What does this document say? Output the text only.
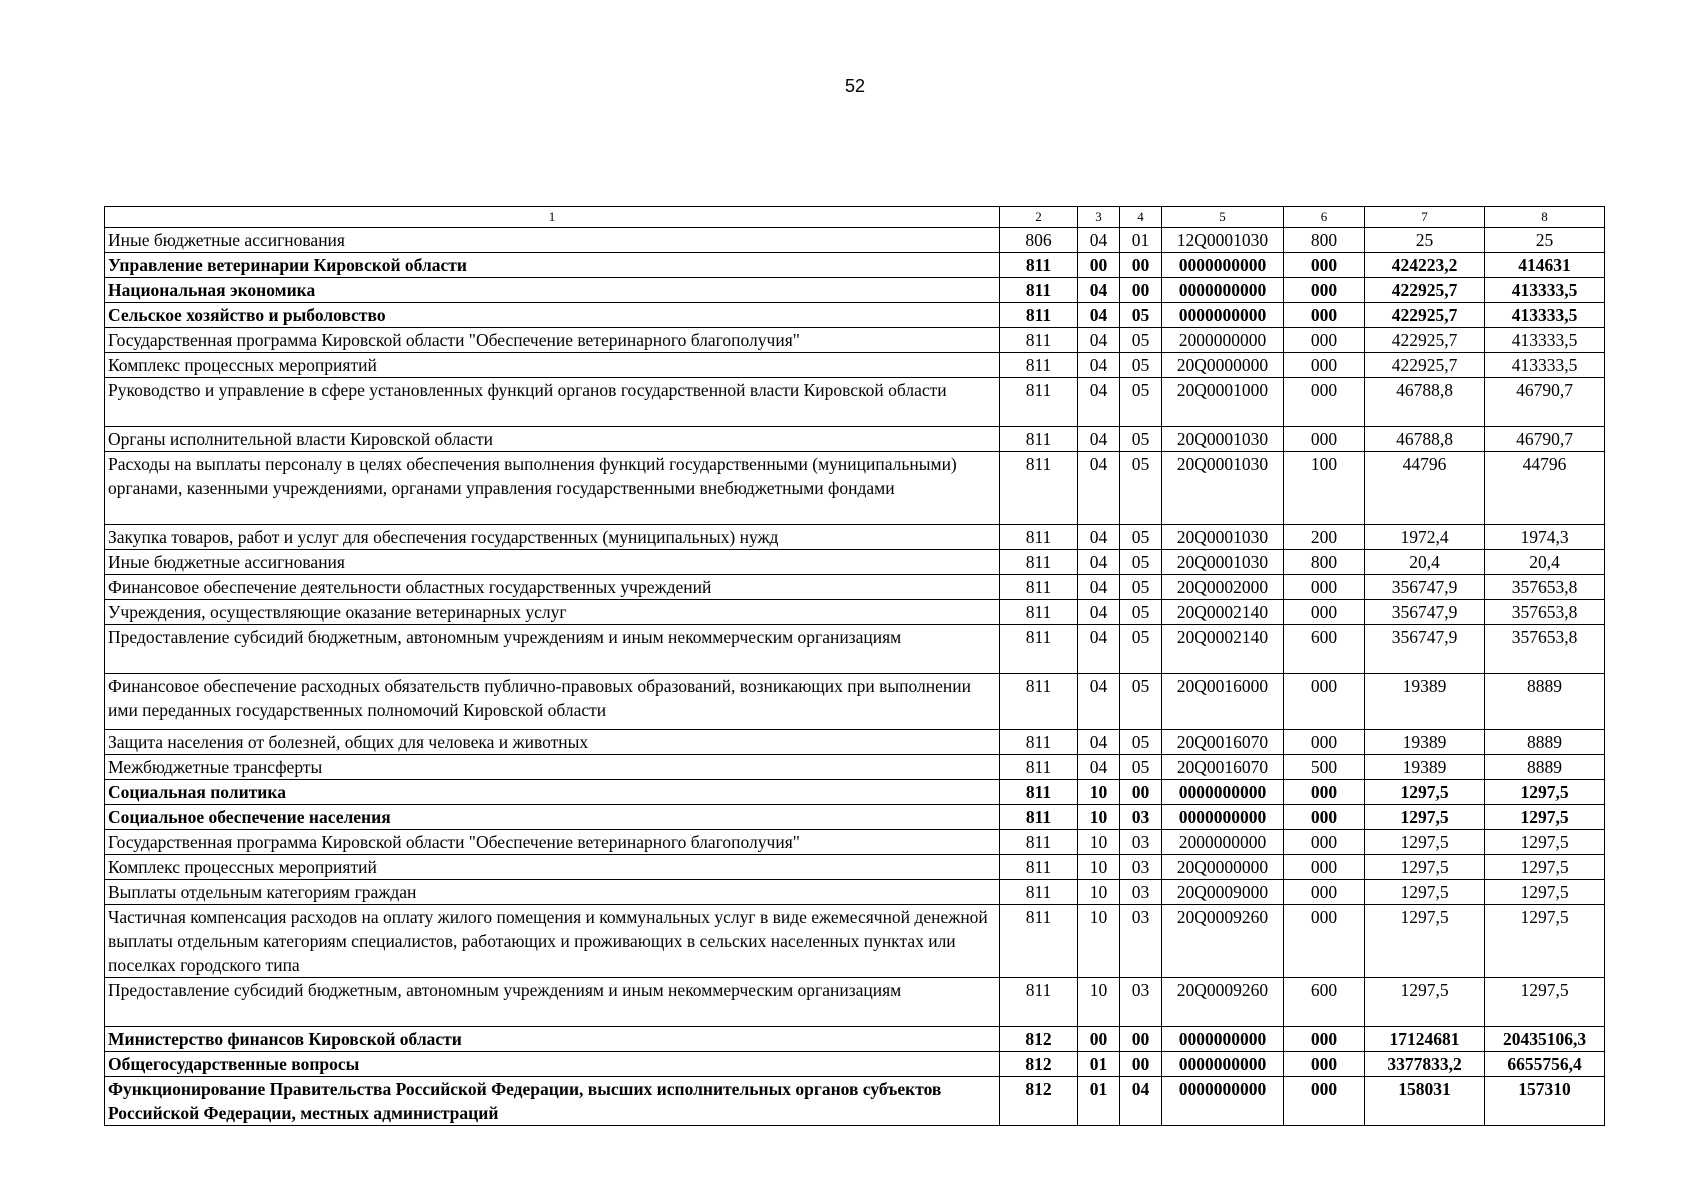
52
1	2	3	4	5	6	7	8
Иные бюджетные ассигнования	806	04	01	12Q0001030	800	25	25
Управление ветеринарии Кировской области	811	00	00	0000000000	000	424223,2	414631
Национальная экономика	811	04	00	0000000000	000	422925,7	413333,5
Сельское хозяйство и рыболовство	811	04	05	0000000000	000	422925,7	413333,5
Государственная программа Кировской области "Обеспечение ветеринарного благополучия"	811	04	05	2000000000	000	422925,7	413333,5
Комплекс процессных мероприятий	811	04	05	20Q0000000	000	422925,7	413333,5
Руководство и управление в сфере установленных функций органов государственной власти Кировской области	811	04	05	20Q0001000	000	46788,8	46790,7
Органы исполнительной власти Кировской области	811	04	05	20Q0001030	000	46788,8	46790,7
Расходы на выплаты персоналу в целях обеспечения выполнения функций государственными (муниципальными) органами, казенными учреждениями, органами управления государственными внебюджетными фондами	811	04	05	20Q0001030	100	44796	44796
Закупка товаров, работ и услуг для обеспечения государственных (муниципальных) нужд	811	04	05	20Q0001030	200	1972,4	1974,3
Иные бюджетные ассигнования	811	04	05	20Q0001030	800	20,4	20,4
Финансовое обеспечение деятельности областных государственных учреждений	811	04	05	20Q0002000	000	356747,9	357653,8
Учреждения, осуществляющие оказание ветеринарных услуг	811	04	05	20Q0002140	000	356747,9	357653,8
Предоставление субсидий бюджетным, автономным учреждениям и иным некоммерческим организациям	811	04	05	20Q0002140	600	356747,9	357653,8
Финансовое обеспечение расходных обязательств публично-правовых образований, возникающих при выполнении ими переданных государственных полномочий Кировской области	811	04	05	20Q0016000	000	19389	8889
Защита населения от болезней, общих для человека и животных	811	04	05	20Q0016070	000	19389	8889
Межбюджетные трансферты	811	04	05	20Q0016070	500	19389	8889
Социальная политика	811	10	00	0000000000	000	1297,5	1297,5
Социальное обеспечение населения	811	10	03	0000000000	000	1297,5	1297,5
Государственная программа Кировской области "Обеспечение ветеринарного благополучия"	811	10	03	2000000000	000	1297,5	1297,5
Комплекс процессных мероприятий	811	10	03	20Q0000000	000	1297,5	1297,5
Выплаты отдельным категориям граждан	811	10	03	20Q0009000	000	1297,5	1297,5
Частичная компенсация расходов на оплату жилого помещения и коммунальных услуг в виде ежемесячной денежной выплаты отдельным категориям специалистов, работающих и проживающих в сельских населенных пунктах или поселках городского типа	811	10	03	20Q0009260	000	1297,5	1297,5
Предоставление субсидий бюджетным, автономным учреждениям и иным некоммерческим организациям	811	10	03	20Q0009260	600	1297,5	1297,5
Министерство финансов Кировской области	812	00	00	0000000000	000	17124681	20435106,3
Общегосударственные вопросы	812	01	00	0000000000	000	3377833,2	6655756,4
Функционирование Правительства Российской Федерации, высших исполнительных органов субъектов Российской Федерации, местных администраций	812	01	04	0000000000	000	158031	157310
